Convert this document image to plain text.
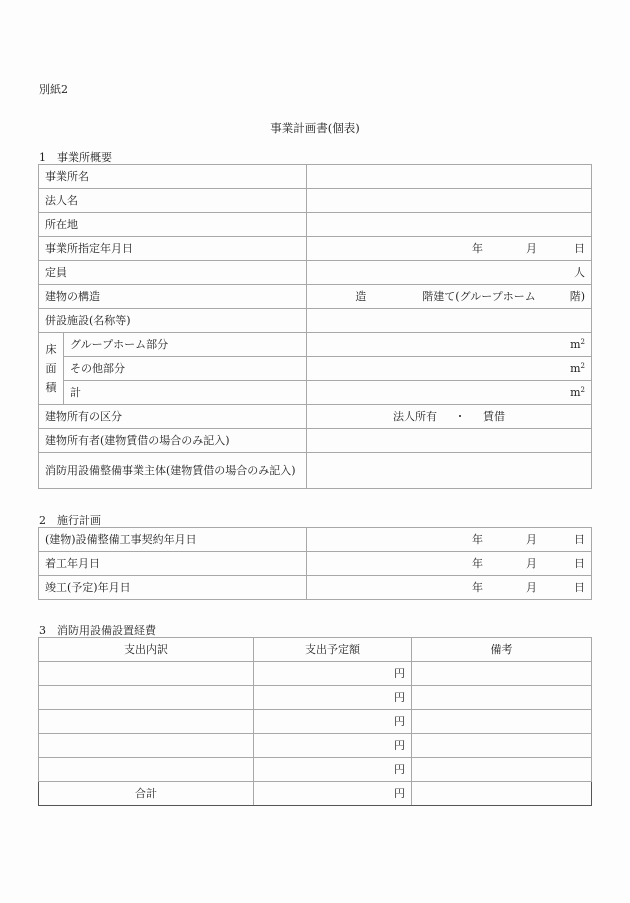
別紙2
事業計画書(個表)
1 事業所概要
事業所名		
法人名		
所在地		
事業所指定年月日		年 月 日

定員		人
建物の構造		造 階建て(グループホーム 階)
併設施設(名称等)		

床
面
積	グループホーム部分	$m^2$
	その他部分	$m^2$
	計	$m^2$
建物所有の区分		法人所有 ・ 賃借
建物所有者(建物賃借の場合のみ記入)		
消防用設備整備事業主体(建物賃借の場合のみ記入)		
2 施行計画
(建物)設備整備工事契約年月日	年 月 日

着工年月日	年 月 日

竣工(予定)年月日	年 月 日
3 消防用設備設置経費
支出内訳	支出予定額	備考
	円	
	円	
	円	
	円	
	円	
合計	円	
